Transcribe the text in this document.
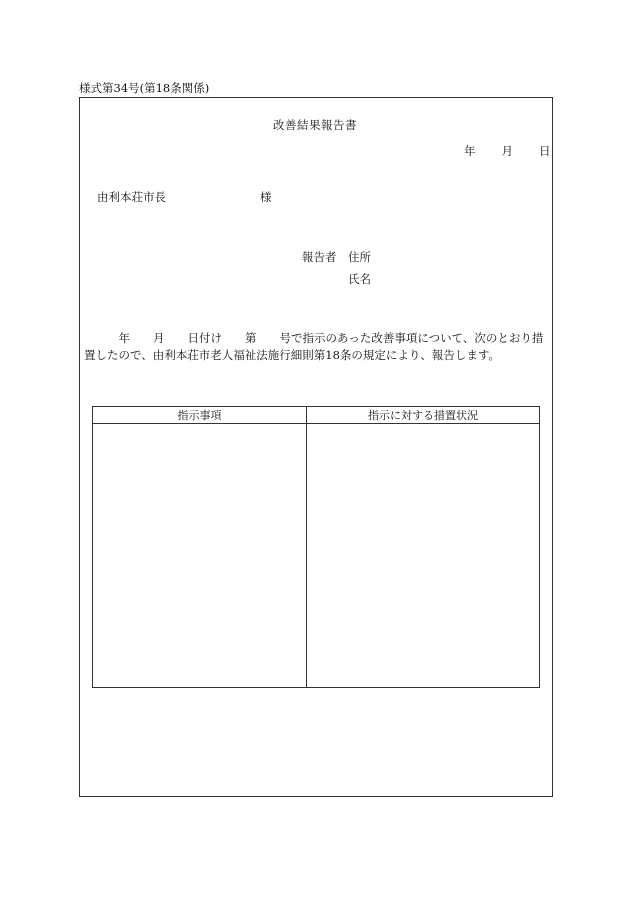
様式第34号(第18条関係)
改善結果報告書
年 月 日
由利本荘市長	様
報告者 住所
氏名
　　　年　　月　　日付け　　第　　号で指示のあった改善事項について、次のとおり措
置したので、由利本荘市老人福祉法施行細則第18条の規定により、報告します。
指示事項	指示に対する措置状況
